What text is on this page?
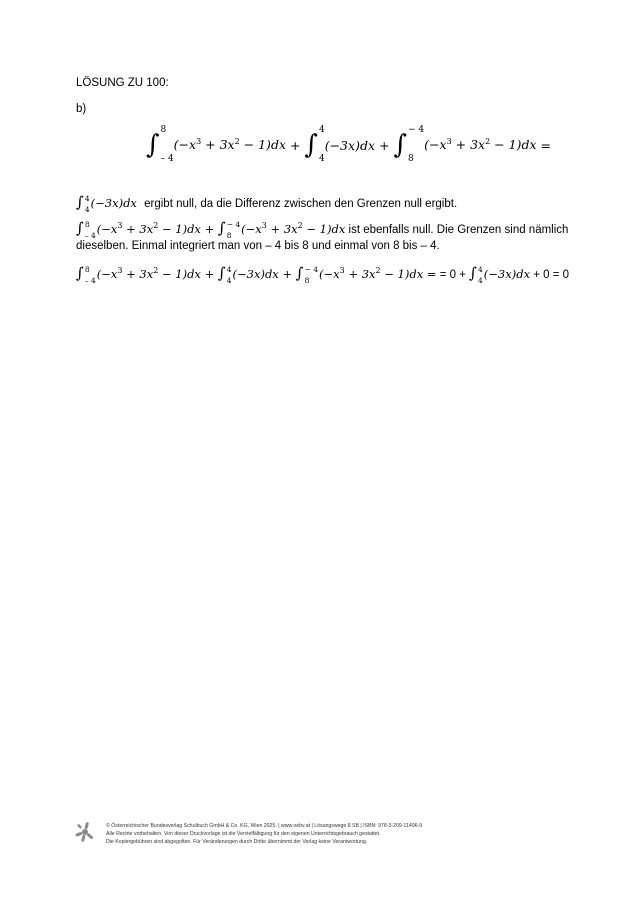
LÖSUNG ZU 100:
b)
∫ 8
– 4
$(-x^3 + 3x^2 - 1)dx$ + ∫ 4
4
(−3x)dx + ∫ − 4
8
$(-x^3 + 3x^2 - 1)dx$ =
∫ 4
4 (−3x)dx
ergibt null, da die Differenz zwischen den Grenzen null ergibt.
∫ 8
– 4 $(-x^3 + 3x^2 - 1)dx$ + ∫ − 4
8 $(-x^3 + 3x^2 - 1)dx$
ist ebenfalls null. Die Grenzen sind nämlich
dieselben. Einmal integriert man von – 4 bis 8 und einmal von 8 bis – 4.
∫ 8
– 4 $(-x^3 + 3x^2 - 1)dx$ + ∫ 4
4 (−3x)dx + ∫ − 4
8 $(-x^3 + 3x^2 - 1)dx$ =
= 0 +
∫ 4
4 (−3x)dx
+ 0 = 0
© Österreichischer Bundesverlag Schulbuch GmbH & Co. KG, Wien 2025. | www.oebv.at | Lösungswege 8 SB | ISBN: 978-3-209-11496-9
Alle Rechte vorbehalten. Von dieser Druckvorlage ist die Vervielfältigung für den eigenen Unterrichtsgebrauch gestattet.
Die Kopiergebühren sind abgegolten. Für Veränderungen durch Dritte übernimmt der Verlag keine Verantwortung.
